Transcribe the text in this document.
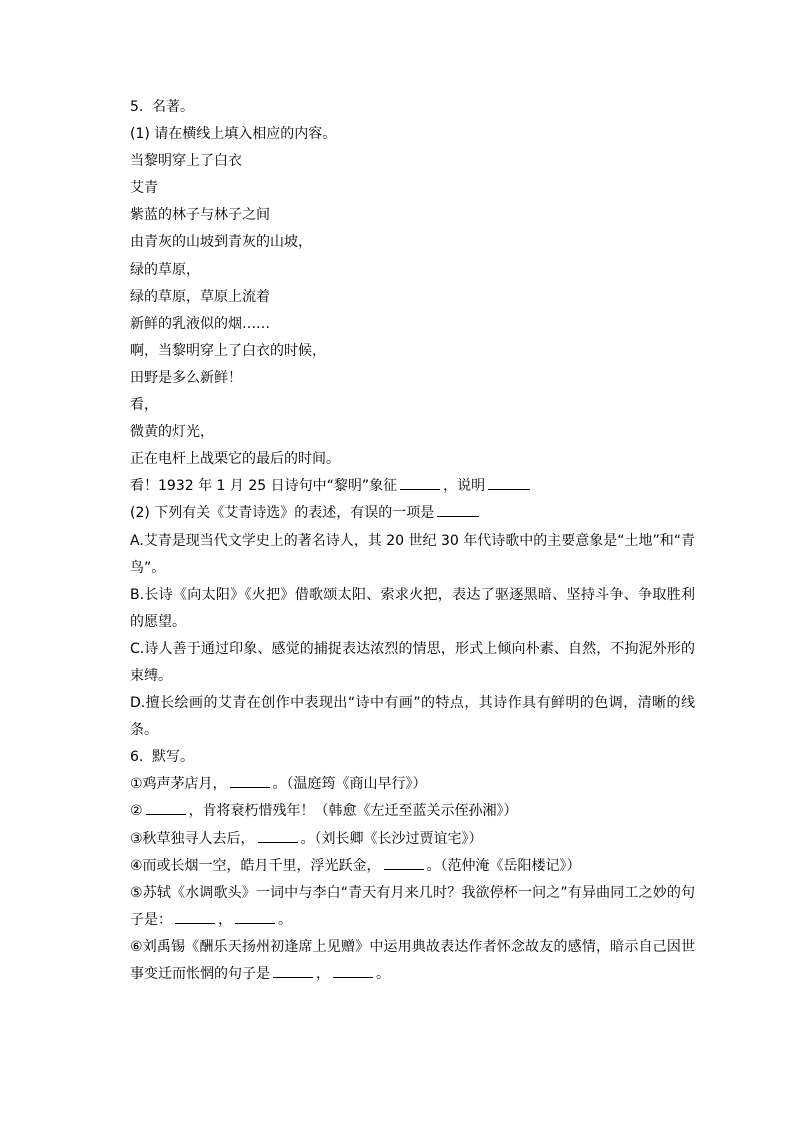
5. 名著。
(1) 请在横线上填入相应的内容。
当黎明穿上了白衣
艾青
紫蓝的林子与林子之间
由青灰的山坡到青灰的山坡，
绿的草原，
绿的草原，草原上流着
新鲜的乳液似的烟……
啊，当黎明穿上了白衣的时候，
田野是多么新鲜！
看，
微黄的灯光，
正在电杆上战栗它的最后的时间。
看！1932 年 1 月 25 日诗句中“黎明”象征	，说明
(2) 下列有关《艾青诗选》的表述，有误的一项是
A.艾青是现当代文学史上的著名诗人，其 20 世纪 30 年代诗歌中的主要意象是“土地”和“青鸟”。
B.长诗《向太阳》《火把》借歌颂太阳、索求火把，表达了驱逐黑暗、坚持斗争、争取胜利的愿望。
C.诗人善于通过印象、感觉的捕捉表达浓烈的情思，形式上倾向朴素、自然，不拘泥外形的束缚。
D.擅长绘画的艾青在创作中表现出“诗中有画”的特点，其诗作具有鲜明的色调，清晰的线条。
6. 默写。
①鸡声茅店月，	。（温庭筠《商山早行》）
②	，肯将衰朽惜残年！（韩愈《左迁至蓝关示侄孙湘》）
③秋草独寻人去后，	。（刘长卿《长沙过贾谊宅》）
④而或长烟一空，皓月千里，浮光跃金，	。（范仲淹《岳阳楼记》）
⑤苏轼《水调歌头》一词中与李白“青天有月来几时？我欲停杯一问之”有异曲同工之妙的句子是：	，	。
⑥刘禹锡《酬乐天扬州初逢席上见赠》中运用典故表达作者怀念故友的感情，暗示自己因世事变迁而怅惘的句子是	，	。
